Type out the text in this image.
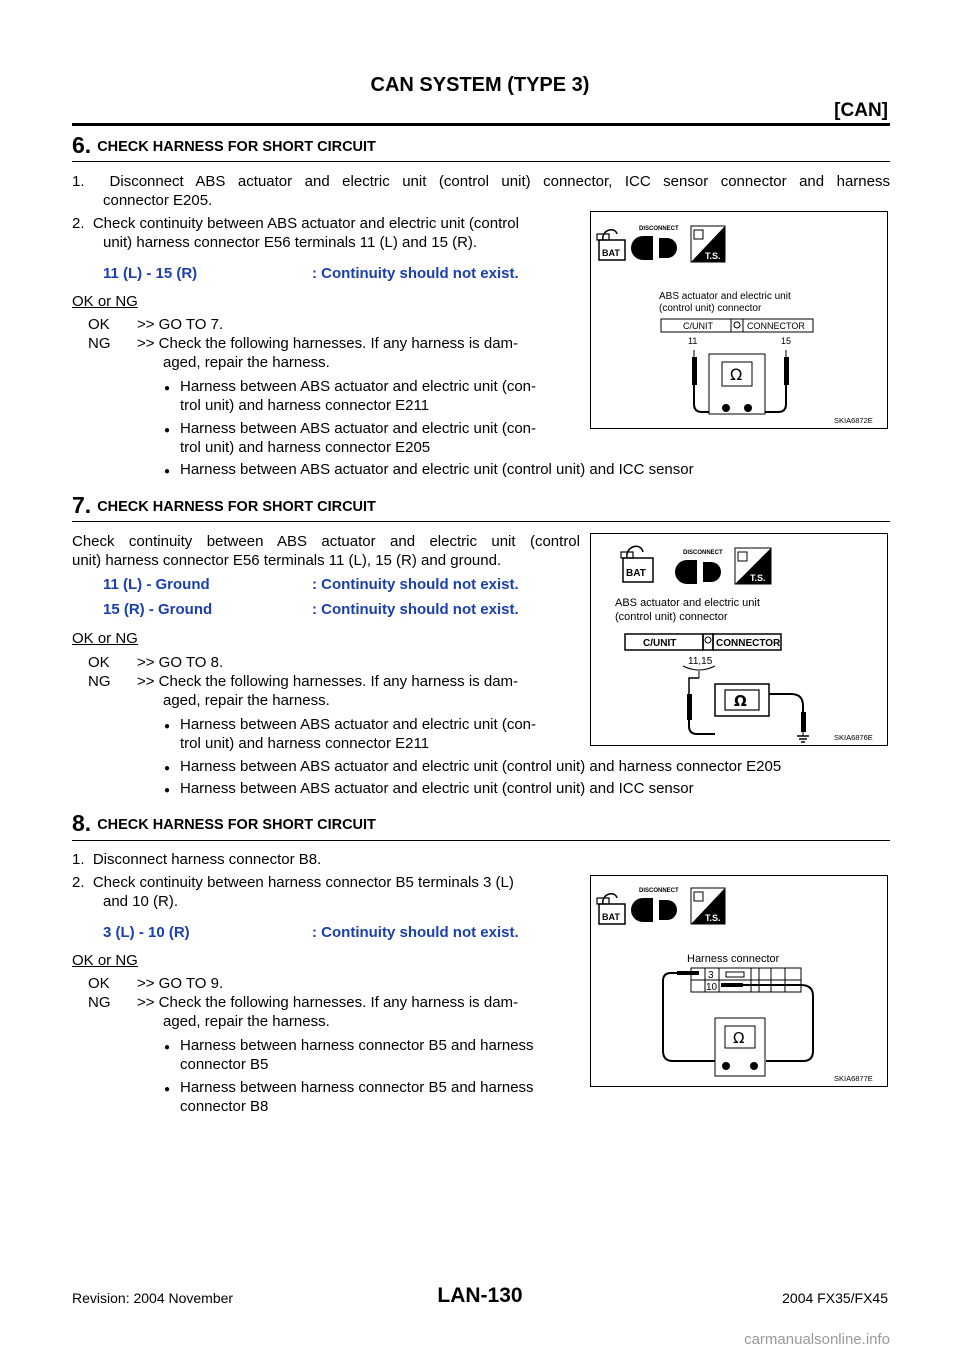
CAN SYSTEM (TYPE 3)
[CAN]
6. CHECK HARNESS FOR SHORT CIRCUIT
1.  Disconnect ABS actuator and electric unit (control unit) connector, ICC sensor connector and harness
connector E205.
2.  Check continuity between ABS actuator and electric unit (control
unit) harness connector E56 terminals 11 (L) and 15 (R).
11 (L) - 15 (R)	: Continuity should not exist.
OK or NG
OK >> GO TO 7.
NG >> Check the following harnesses. If any harness is dam-
aged, repair the harness.
● Harness between ABS actuator and electric unit (con-
trol unit) and harness connector E211
● Harness between ABS actuator and electric unit (con-
trol unit) and harness connector E205
● Harness between ABS actuator and electric unit (control unit) and ICC sensor
BAT
DISCONNECT
T.S.
ABS actuator and electric unit
(control unit) connector
C/UNIT	CONNECTOR
11	15
Ω
SKIA6872E
7. CHECK HARNESS FOR SHORT CIRCUIT
Check continuity between ABS actuator and electric unit (control
unit) harness connector E56 terminals 11 (L), 15 (R) and ground.
11 (L) - Ground	: Continuity should not exist.
15 (R) - Ground	: Continuity should not exist.
OK or NG
OK >> GO TO 8.
NG >> Check the following harnesses. If any harness is dam-
aged, repair the harness.
● Harness between ABS actuator and electric unit (con-
trol unit) and harness connector E211
● Harness between ABS actuator and electric unit (control unit) and harness connector E205
● Harness between ABS actuator and electric unit (control unit) and ICC sensor
BAT
DISCONNECT
T.S.
ABS actuator and electric unit
(control unit) connector
C/UNIT	CONNECTOR
11,15
Ω
SKIA6876E
8. CHECK HARNESS FOR SHORT CIRCUIT
1.  Disconnect harness connector B8.
2.  Check continuity between harness connector B5 terminals 3 (L)
and 10 (R).
3 (L) - 10 (R)	: Continuity should not exist.
OK or NG
OK >> GO TO 9.
NG >> Check the following harnesses. If any harness is dam-
aged, repair the harness.
● Harness between harness connector B5 and harness
connector B5
● Harness between harness connector B5 and harness
connector B8
BAT
DISCONNECT
T.S.
Harness connector
3
10
Ω
SKIA6877E
Revision: 2004 November	LAN-130	2004 FX35/FX45
carmanualsonline.info
